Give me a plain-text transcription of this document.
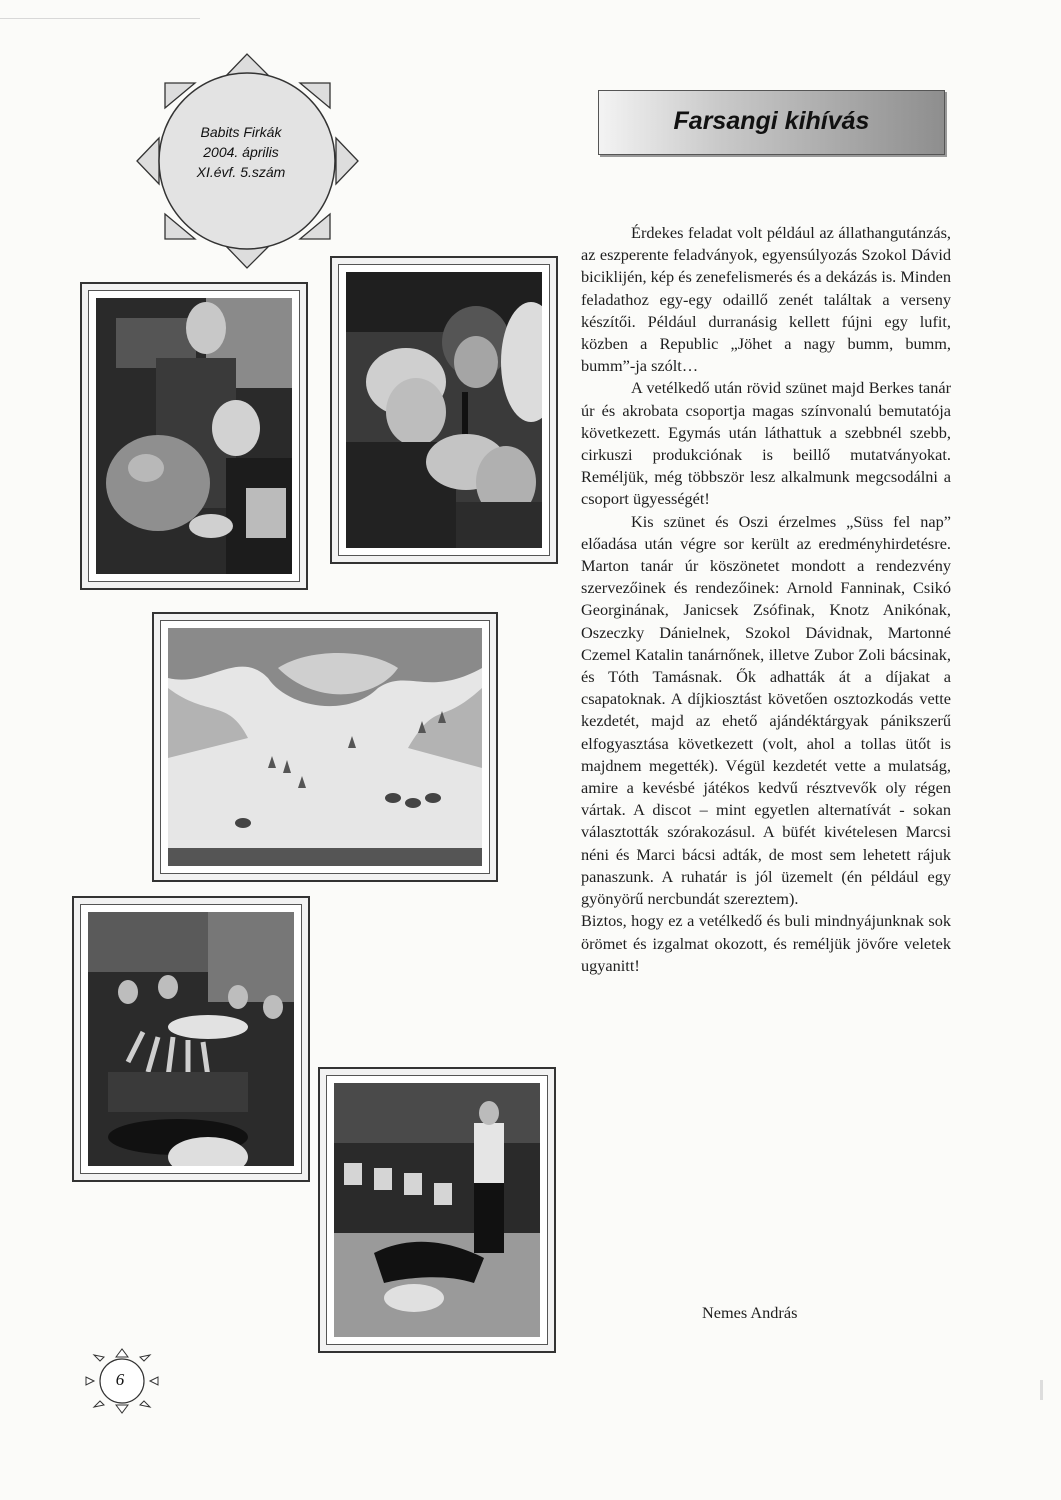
Babits Firkák
2004. április
XI.évf. 5.szám
Farsangi kihívás

Érdekes feladat volt például az állathangutánzás, az eszperente feladványok, egyensúlyozás Szokol Dávid biciklijén, kép és zenefelismerés és a dekázás is. Minden feladathoz egy-egy odaillő zenét találtak a verseny készítői. Például durranásig kellett fújni egy lufit, közben a Republic „Jöhet a nagy bumm, bumm, bumm”-ja szólt…

A vetélkedő után rövid szünet majd Berkes tanár úr és akrobata csoportja magas színvonalú bemutatója következett. Egymás után láthattuk a szebbnél szebb, cirkuszi produkciónak is beillő mutatványokat. Reméljük, még többször lesz alkalmunk megcsodálni a csoport ügyességét!

Kis szünet és Oszi érzelmes „Süss fel nap” előadása után végre sor került az eredményhirdetésre. Marton tanár úr köszönetet mondott a rendezvény szervezőinek és rendezőinek: Arnold Fanninak, Csikó Georginának, Janicsek Zsófinak, Knotz Anikónak, Oszeczky Dánielnek, Szokol Dávidnak, Martonné Czemel Katalin tanárnőnek, illetve Zubor Zoli bácsinak, és Tóth Tamásnak. Ők adhatták át a díjakat a csapatoknak. A díjkiosztást követően osztozkodás vette kezdetét, majd az ehető ajándéktárgyak pánikszerű elfogyasztása következett (volt, ahol a tollas ütőt is majdnem megették). Végül kezdetét vette a mulatság, amire a kevésbé játékos kedvű résztvevők oly régen vártak. A discot – mint egyetlen alternatívát - sokan választották szórakozásul. A büfét kivételesen Marcsi néni és Marci bácsi adták, de most sem lehetett rájuk panaszunk. A ruhatár is jól üzemelt (én például egy gyönyörű nercbundát szereztem).

Biztos, hogy ez a vetélkedő és buli mindnyájunknak sok örömet és izgalmat okozott, és reméljük jövőre veletek ugyanitt!

Nemes András
6
